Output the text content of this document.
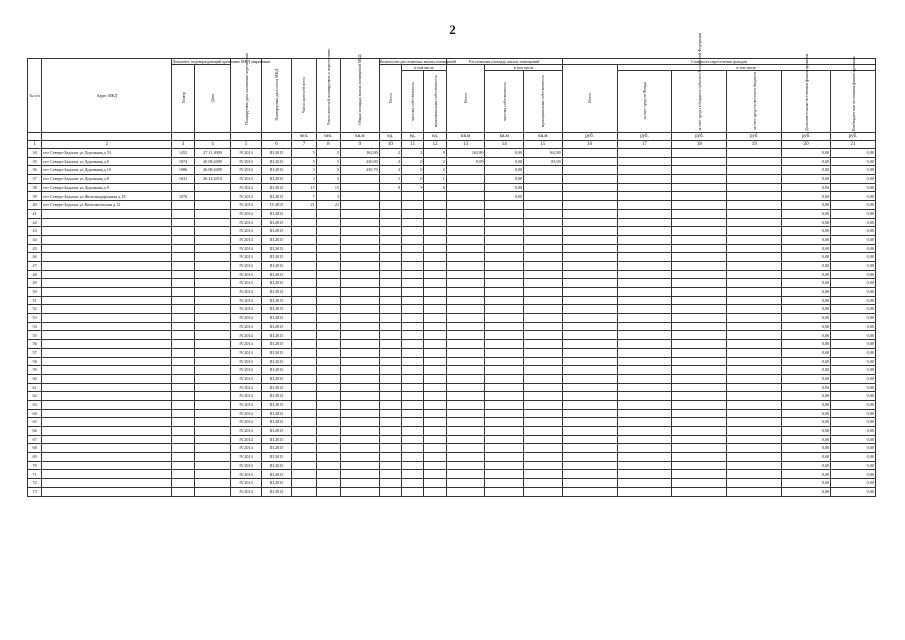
2
№ п/п	Адрес МКД	Документ, подтверждающий признание МКД аварийным		Планируемая дата окончания переселения	Планируемая дата сноса МКД	Число жителей всего	Число жителей планируемых к переселению	Общая площадь жилых помещений МКД	Количество расселяемых жилых помещений			Расселяемая площадь жилых помещений			Стоимость переселения граждан					
		Номер	Дата						Всего	в том числе		Всего	в том числе		Всего	в том числе				
										частная собственность	муниципальная собственность		частная собственность	муниципальная собственность		за счет средств Фонда	за счет средств бюджета субъекта Российской Федерации	за счет средств местного бюджета	Дополнительные источники финансирования	Внебюджетные источники финансирования
						чел.	чел.	кв.м	ед.	ед.	ед.	кв.м	кв.м	кв.м	руб.	руб.	руб.	руб.	руб.	руб.
1	2	3	4	5	6	7	8	9	10	11	12	13	14	15	16	17	18	19	20	21
34	пгт Северо-Задонск ул Дорожная д.53	1452	27.11.2009	IV.2014	III.2015	5	5	162,80	2	2	0	162,80	0,00	162,80					0,00	0,00
35	пгт Северо-Задонск ул Дорожная д.6	1074	20.08.2009	IV.2014	III.2015	5	5	230,90	2	0	2	0,00	0,00	83,90					0,00	0,00
36	пгт Северо-Задонск ул Дорожная д.16	1086	26.08.2009	IV.2014	III.2015	3	3	230,70	2	0	2		0,00						0,00	0,00
37	пгт Северо-Задонск ул Дорожная д.8	1631	26.12.2010	IV.2014	III.2015	3	3		1	0	1		0,00						0,00	0,00
38	пгт Северо-Задонск ул Дорожная д.9			IV.2014	III.2015	15	15		9	9	0		0,00						0,00	0,00
39	пгт Северо-Задонск ул Железнодорожная д.18	1070		IV.2014	III.2015	7	3						0,00						0,00	0,00
40	пгт Северо-Задонск ул Комсомольская д.12			IV.2014	IV.2015	21	21												0,00	0,00
41				IV.2014	III.2015														0,00	0,00
42				IV.2014	III.2015														0,00	0,00
43				IV.2014	III.2015														0,00	0,00
44				IV.2014	III.2015														0,00	0,00
45				IV.2014	III.2015														0,00	0,00
46				IV.2014	III.2015														0,00	0,00
47				IV.2014	III.2015														0,00	0,00
48				IV.2014	III.2015														0,00	0,00
49				IV.2014	III.2015														0,00	0,00
50				IV.2014	III.2015														0,00	0,00
51				IV.2014	III.2015														0,00	0,00
52				IV.2014	III.2015														0,00	0,00
53				IV.2014	III.2015														0,00	0,00
54				IV.2014	III.2015														0,00	0,00
55				IV.2014	III.2015														0,00	0,00
56				IV.2014	III.2015														0,00	0,00
57				IV.2014	III.2015														0,00	0,00
58				IV.2014	III.2015														0,00	0,00
59				IV.2014	III.2015														0,00	0,00
60				IV.2014	III.2015														0,00	0,00
61				IV.2014	III.2015														0,00	0,00
62				IV.2014	III.2015														0,00	0,00
63				IV.2014	III.2015														0,00	0,00
64				IV.2014	III.2015														0,00	0,00
65				IV.2014	III.2015														0,00	0,00
66				IV.2014	III.2015														0,00	0,00
67				IV.2014	III.2015														0,00	0,00
68				IV.2014	III.2015														0,00	0,00
69				IV.2014	III.2015														0,00	0,00
70				IV.2014	III.2015														0,00	0,00
71				IV.2014	III.2015														0,00	0,00
72				IV.2014	III.2015														0,00	0,00
73				IV.2014	III.2015														0,00	0,00
